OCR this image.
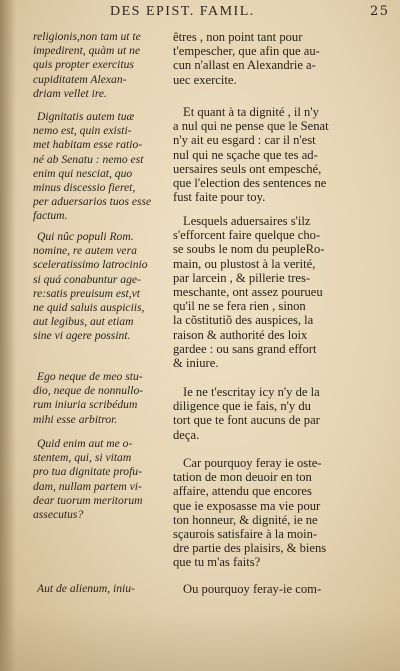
DES EPIST. FAMIL.	25
religionis,non tam ut te
impedirent, quàm ut ne
quis propter exercitus
cupiditatem Alexan-
driam vellet ire.
Dignitatis autem tuæ
nemo est, quin existi-
met habitam esse ratio-
né ab Senatu : nemo est
enim qui nesciat, quo
minus discessio fieret,
per aduersarios tuos esse
factum.
Qui nûc populi Rom.
nomine, re autem vera
sceleratissimo latrocinio
si quá conabuntur age-
re:satis preuisum est,vt
ne quid saluis auspiciis,
aut legibus, aut etiam
sine vi agere possint.
Ego neque de meo stu-
dio, neque de nonnullo-
rum iniuria scribédum
mihi esse arbitror.
Quid enim aut me o-
stentem, qui, si vitam
pro tua dignitate profu-
dam, nullam partem vi-
dear tuorum meritorum
assecutus?
Aut de alienum, iniu-
êtres , non point tant pour
t'empescher, que afin que au-
cun n'allast en Alexandrie a-
uec exercite.
Et quant à ta dignité , il n'y
a nul qui ne pense que le Senat
n'y ait eu esgard : car il n'est
nul qui ne sçache que tes ad-
uersaires seuls ont empesché,
que l'election des sentences ne
fust faite pour toy.
Lesquels aduersaires s'ilz
s'efforcent faire quelque cho-
se soubs le nom du peupleRo-
main, ou plustost à la verité,
par larcein , & pillerie tres-
meschante, ont assez pourueu
qu'il ne se fera rien , sinon
la cõstitutiõ des auspices, la
raison & authorité des loix
gardee : ou sans grand effort
& iniure.
Ie ne t'escritay icy n'y de la
diligence que ie fais, n'y du
tort que te font aucuns de par
deça.
Car pourquoy feray ie oste-
tation de mon deuoir en ton
affaire, attendu que encores
que ie exposasse ma vie pour
ton honneur, & dignité, ie ne
sçaurois satisfaire à la moin-
dre partie des plaisirs, & biens
que tu m'as faits?
Ou pourquoy feray-ie com-
